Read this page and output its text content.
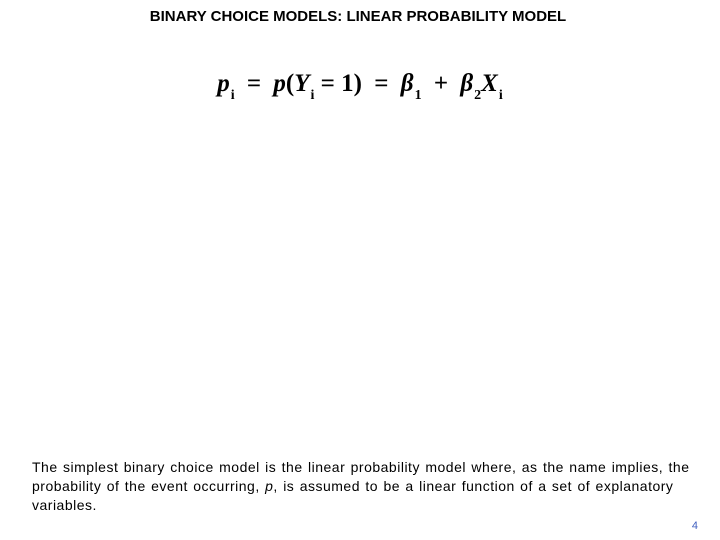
BINARY CHOICE MODELS: LINEAR PROBABILITY MODEL
$p_i = p(Y_i = 1) = \beta_1 + \beta_2X_i$
The simplest binary choice model is the linear probability model where, as the name implies, the probability of the event occurring, p, is assumed to be a linear function of a set of explanatory variables.
4
